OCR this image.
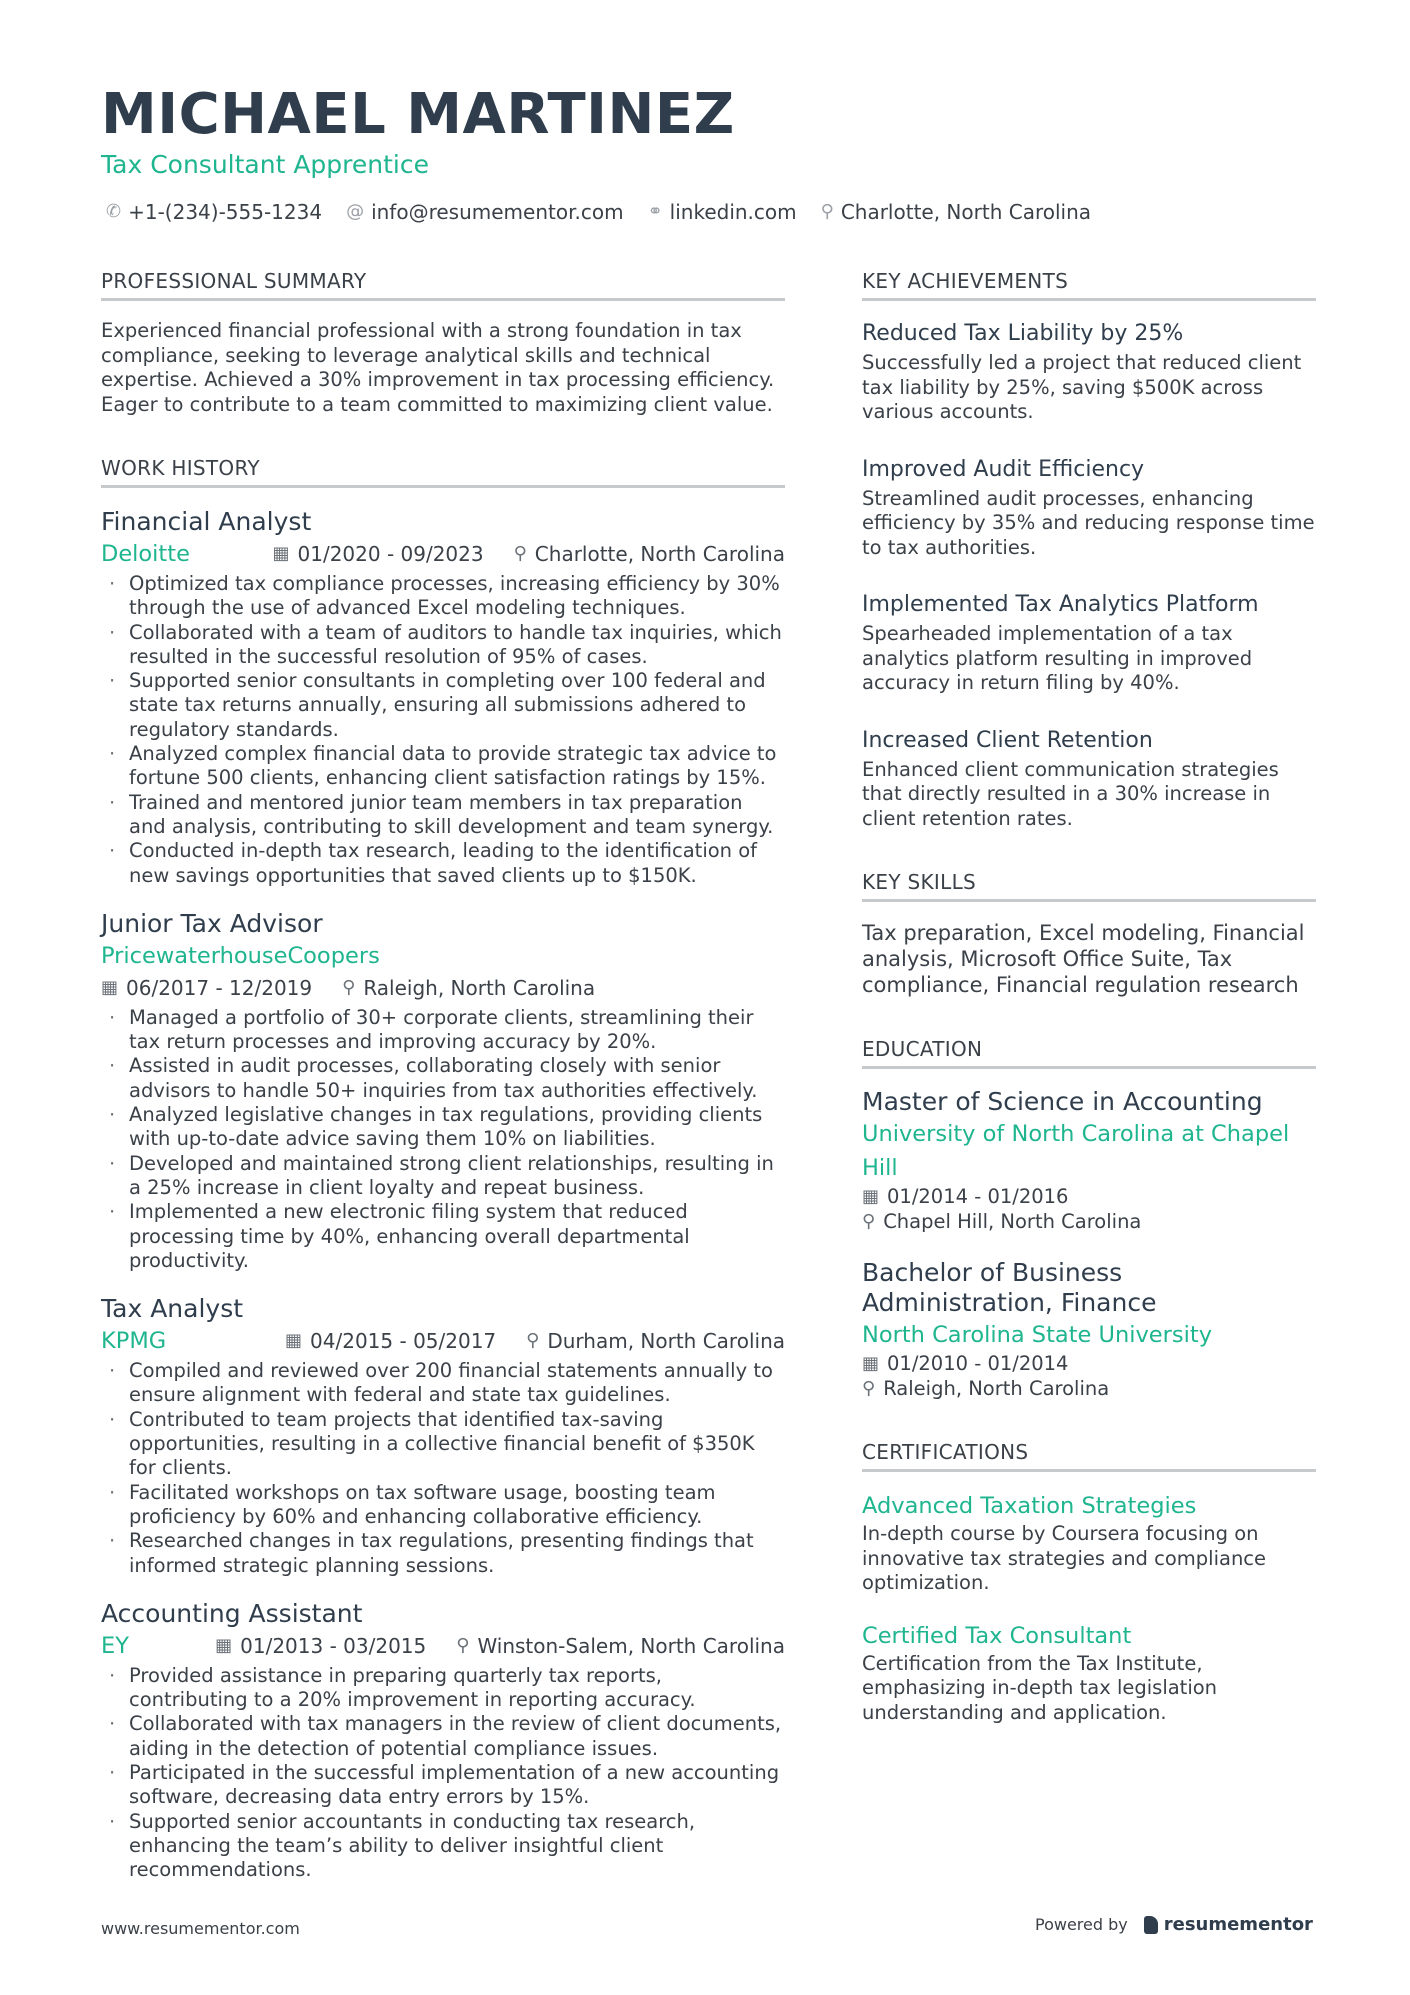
MICHAEL MARTINEZ
Tax Consultant Apprentice
✆ +1-(234)-555-1234 @ info@resumementor.com ⚭ linkedin.com ⚲ Charlotte, North Carolina
PROFESSIONAL SUMMARY

Experienced financial professional with a strong foundation in tax compliance, seeking to leverage analytical skills and technical expertise. Achieved a 30% improvement in tax processing efficiency. Eager to contribute to a team committed to maximizing client value.

WORK HISTORY
Financial Analyst
Deloitte	▦ 01/2020 - 09/2023 ⚲ Charlotte, North Carolina
· Optimized tax compliance processes, increasing efficiency by 30% through the use of advanced Excel modeling techniques.
· Collaborated with a team of auditors to handle tax inquiries, which resulted in the successful resolution of 95% of cases.
· Supported senior consultants in completing over 100 federal and state tax returns annually, ensuring all submissions adhered to regulatory standards.
· Analyzed complex financial data to provide strategic tax advice to fortune 500 clients, enhancing client satisfaction ratings by 15%.
· Trained and mentored junior team members in tax preparation and analysis, contributing to skill development and team synergy.
· Conducted in-depth tax research, leading to the identification of new savings opportunities that saved clients up to $150K.
Junior Tax Advisor
PricewaterhouseCoopers
▦ 06/2017 - 12/2019 ⚲ Raleigh, North Carolina
· Managed a portfolio of 30+ corporate clients, streamlining their tax return processes and improving accuracy by 20%.
· Assisted in audit processes, collaborating closely with senior advisors to handle 50+ inquiries from tax authorities effectively.
· Analyzed legislative changes in tax regulations, providing clients with up-to-date advice saving them 10% on liabilities.
· Developed and maintained strong client relationships, resulting in a 25% increase in client loyalty and repeat business.
· Implemented a new electronic filing system that reduced processing time by 40%, enhancing overall departmental productivity.
Tax Analyst
KPMG	▦ 04/2015 - 05/2017 ⚲ Durham, North Carolina
· Compiled and reviewed over 200 financial statements annually to ensure alignment with federal and state tax guidelines.
· Contributed to team projects that identified tax-saving opportunities, resulting in a collective financial benefit of $350K for clients.
· Facilitated workshops on tax software usage, boosting team proficiency by 60% and enhancing collaborative efficiency.
· Researched changes in tax regulations, presenting findings that informed strategic planning sessions.
Accounting Assistant
EY	▦ 01/2013 - 03/2015 ⚲ Winston-Salem, North Carolina
· Provided assistance in preparing quarterly tax reports, contributing to a 20% improvement in reporting accuracy.
· Collaborated with tax managers in the review of client documents, aiding in the detection of potential compliance issues.
· Participated in the successful implementation of a new accounting software, decreasing data entry errors by 15%.
· Supported senior accountants in conducting tax research, enhancing the team’s ability to deliver insightful client recommendations.
KEY ACHIEVEMENTS
Reduced Tax Liability by 25%

Successfully led a project that reduced client tax liability by 25%, saving $500K across various accounts.

Improved Audit Efficiency

Streamlined audit processes, enhancing efficiency by 35% and reducing response time to tax authorities.

Implemented Tax Analytics Platform

Spearheaded implementation of a tax analytics platform resulting in improved accuracy in return filing by 40%.

Increased Client Retention

Enhanced client communication strategies that directly resulted in a 30% increase in client retention rates.

KEY SKILLS

Tax preparation, Excel modeling, Financial analysis, Microsoft Office Suite, Tax compliance, Financial regulation research

EDUCATION
Master of Science in Accounting
University of North Carolina at Chapel Hill
▦ 01/2014 - 01/2016
⚲ Chapel Hill, North Carolina
Bachelor of Business Administration, Finance
North Carolina State University
▦ 01/2010 - 01/2014
⚲ Raleigh, North Carolina
CERTIFICATIONS
Advanced Taxation Strategies

In-depth course by Coursera focusing on innovative tax strategies and compliance optimization.

Certified Tax Consultant

Certification from the Tax Institute, emphasizing in-depth tax legislation understanding and application.

www.resumementor.com	Powered by resumementor
